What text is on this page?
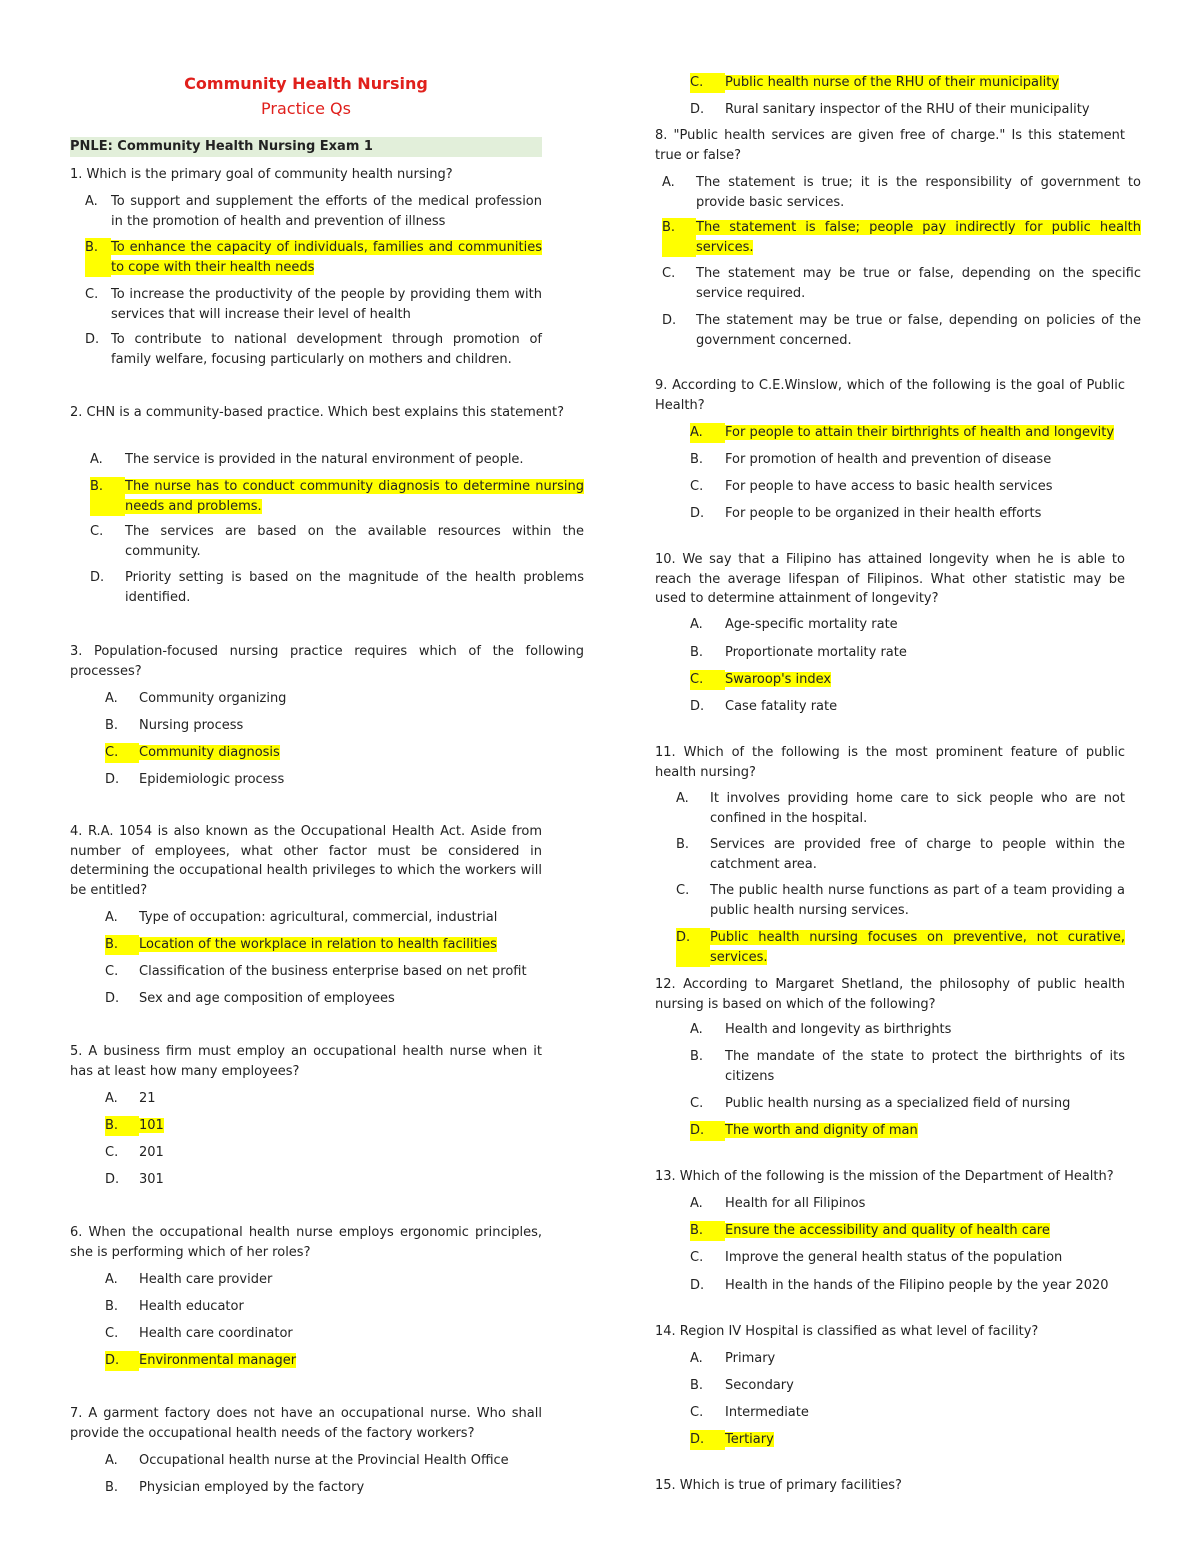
Community Health Nursing
Practice Qs
PNLE: Community Health Nursing Exam 1
1. Which is the primary goal of community health nursing?
A.	To support and supplement the efforts of the medical profession in the promotion of health and prevention of illness
B. To enhance the capacity of individuals, families and communities to cope with their health needs
C. To increase the productivity of the people by providing them with services that will increase their level of health
D. To contribute to national development through promotion of family welfare, focusing particularly on mothers and children.
2. CHN is a community-based practice. Which best explains this statement?
A.	The service is provided in the natural environment of people.
B.	The nurse has to conduct community diagnosis to determine nursing needs and problems.
C.	The services are based on the available resources within the community.
D.	Priority setting is based on the magnitude of the health problems identified.
3. Population-focused nursing practice requires which of the following processes?
A.	Community organizing
B.	Nursing process
C.	Community diagnosis
D.	Epidemiologic process
4. R.A. 1054 is also known as the Occupational Health Act. Aside from number of employees, what other factor must be considered in determining the occupational health privileges to which the workers will be entitled?
A.	Type of occupation: agricultural, commercial, industrial
B.	Location of the workplace in relation to health facilities
C.	Classification of the business enterprise based on net profit
D.	Sex and age composition of employees
5. A business firm must employ an occupational health nurse when it has at least how many employees?
A.	21
B.	101
C.	201
D.	301
6. When the occupational health nurse employs ergonomic principles, she is performing which of her roles?
A.	Health care provider
B.	Health educator
C.	Health care coordinator
D.	Environmental manager
7. A garment factory does not have an occupational nurse. Who shall provide the occupational health needs of the factory workers?
A.	Occupational health nurse at the Provincial Health Office
B.	Physician employed by the factory
C.	Public health nurse of the RHU of their municipality
D.	Rural sanitary inspector of the RHU of their municipality
8. "Public health services are given free of charge." Is this statement true or false?
A.	The statement is true; it is the responsibility of government to provide basic services.
B.	The statement is false; people pay indirectly for public health services.
C.	The statement may be true or false, depending on the specific service required.
D.	The statement may be true or false, depending on policies of the government concerned.
9. According to C.E.Winslow, which of the following is the goal of Public Health?
A.	For people to attain their birthrights of health and longevity
B.	For promotion of health and prevention of disease
C.	For people to have access to basic health services
D.	For people to be organized in their health efforts
10. We say that a Filipino has attained longevity when he is able to reach the average lifespan of Filipinos. What other statistic may be used to determine attainment of longevity?
A.	Age-specific mortality rate
B.	Proportionate mortality rate
C.	Swaroop's index
D.	Case fatality rate
11. Which of the following is the most prominent feature of public health nursing?
A.	It involves providing home care to sick people who are not confined in the hospital.
B.	Services are provided free of charge to people within the catchment area.
C.	The public health nurse functions as part of a team providing a public health nursing services.
D.	Public health nursing focuses on preventive, not curative, services.
12. According to Margaret Shetland, the philosophy of public health nursing is based on which of the following?
A.	Health and longevity as birthrights
B.	The mandate of the state to protect the birthrights of its citizens
C.	Public health nursing as a specialized field of nursing
D.	The worth and dignity of man
13. Which of the following is the mission of the Department of Health?
A.	Health for all Filipinos
B.	Ensure the accessibility and quality of health care
C.	Improve the general health status of the population
D.	Health in the hands of the Filipino people by the year 2020
14. Region IV Hospital is classified as what level of facility?
A.	Primary
B.	Secondary
C.	Intermediate
D.	Tertiary
15. Which is true of primary facilities?
